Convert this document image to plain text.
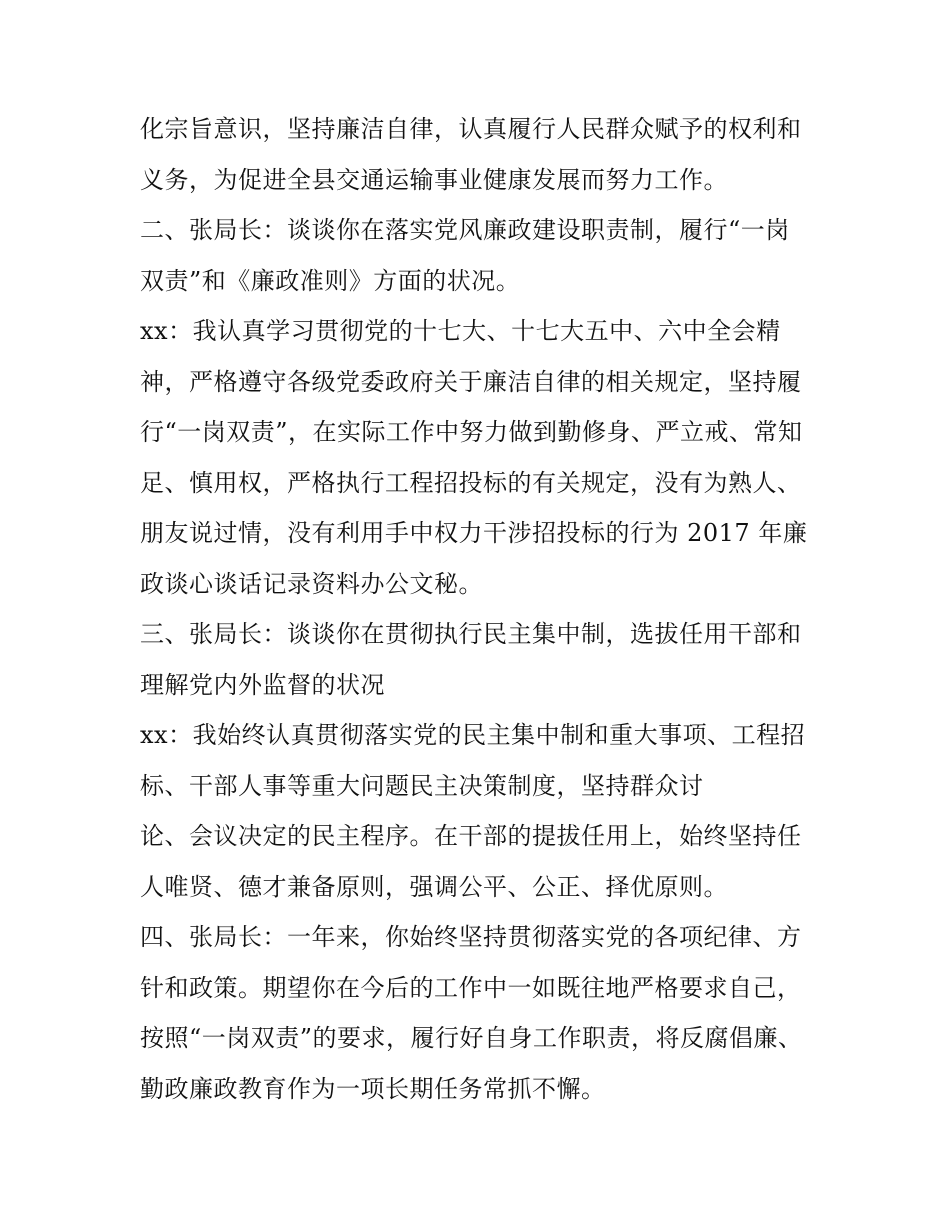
化宗旨意识，坚持廉洁自律，认真履行人民群众赋予的权利和
义务，为促进全县交通运输事业健康发展而努力工作。
二、张局长：谈谈你在落实党风廉政建设职责制，履行“一岗
双责”和《廉政准则》方面的状况。
xx：我认真学习贯彻党的十七大、十七大五中、六中全会精
神，严格遵守各级党委政府关于廉洁自律的相关规定，坚持履
行“一岗双责”，在实际工作中努力做到勤修身、严立戒、常知
足、慎用权，严格执行工程招投标的有关规定，没有为熟人、
朋友说过情，没有利用手中权力干涉招投标的行为 2017 年廉
政谈心谈话记录资料办公文秘。
三、张局长：谈谈你在贯彻执行民主集中制，选拔任用干部和
理解党内外监督的状况
xx：我始终认真贯彻落实党的民主集中制和重大事项、工程招
标、干部人事等重大问题民主决策制度，坚持群众讨
论、会议决定的民主程序。在干部的提拔任用上，始终坚持任
人唯贤、德才兼备原则，强调公平、公正、择优原则。
四、张局长：一年来，你始终坚持贯彻落实党的各项纪律、方
针和政策。期望你在今后的工作中一如既往地严格要求自己，
按照“一岗双责”的要求，履行好自身工作职责，将反腐倡廉、
勤政廉政教育作为一项长期任务常抓不懈。
